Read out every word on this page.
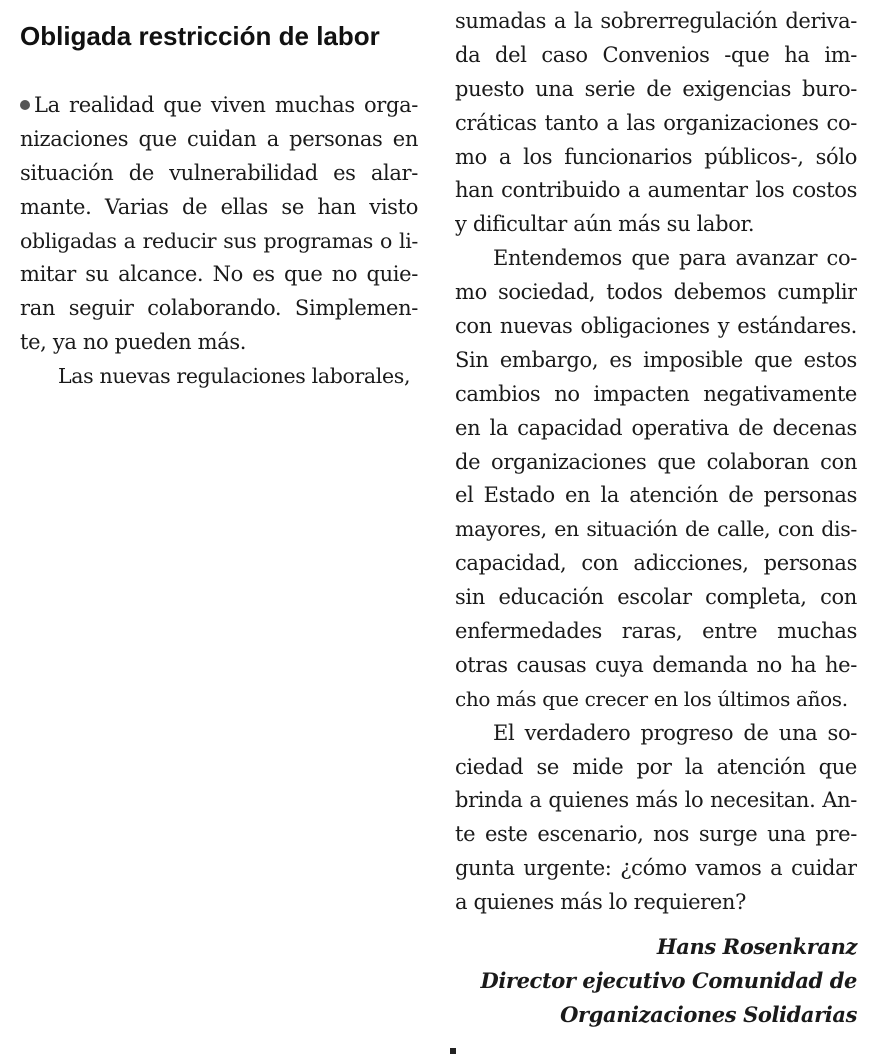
Obligada restricción de labor
La realidad que viven muchas orga-
nizaciones que cuidan a personas en
situación de vulnerabilidad es alar-
mante. Varias de ellas se han visto
obligadas a reducir sus programas o li-
mitar su alcance. No es que no quie-
ran seguir colaborando. Simplemen-
te, ya no pueden más.
Las nuevas regulaciones laborales,
sumadas a la sobrerregulación deriva-
da del caso Convenios -que ha im-
puesto una serie de exigencias buro-
cráticas tanto a las organizaciones co-
mo a los funcionarios públicos-, sólo
han contribuido a aumentar los costos
y dificultar aún más su labor.
Entendemos que para avanzar co-
mo sociedad, todos debemos cumplir
con nuevas obligaciones y estándares.
Sin embargo, es imposible que estos
cambios no impacten negativamente
en la capacidad operativa de decenas
de organizaciones que colaboran con
el Estado en la atención de personas
mayores, en situación de calle, con dis-
capacidad, con adicciones, personas
sin educación escolar completa, con
enfermedades raras, entre muchas
otras causas cuya demanda no ha he-
cho más que crecer en los últimos años.
El verdadero progreso de una so-
ciedad se mide por la atención que
brinda a quienes más lo necesitan. An-
te este escenario, nos surge una pre-
gunta urgente: ¿cómo vamos a cuidar
a quienes más lo requieren?
Hans Rosenkranz
Director ejecutivo Comunidad de
Organizaciones Solidarias
